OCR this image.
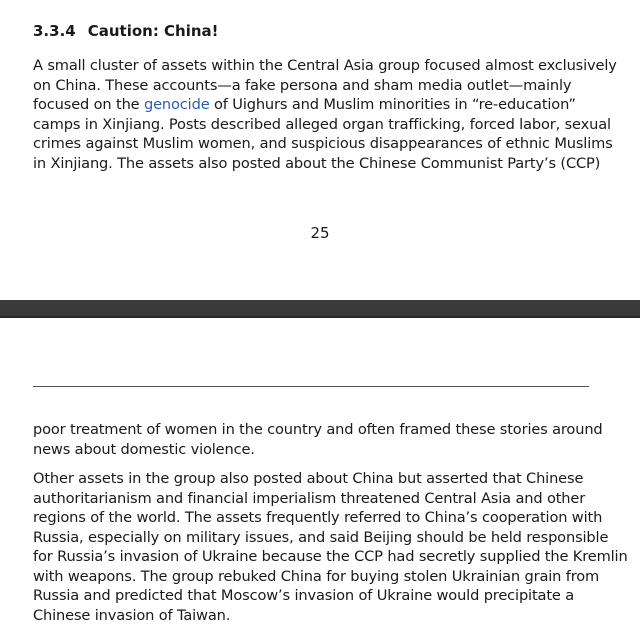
3.3.4 Caution: China!

A small cluster of assets within the Central Asia group focused almost exclusively
on China. These accounts—a fake persona and sham media outlet—mainly
focused on the genocide of Uighurs and Muslim minorities in “re-education”
camps in Xinjiang. Posts described alleged organ trafficking, forced labor, sexual
crimes against Muslim women, and suspicious disappearances of ethnic Muslims
in Xinjiang. The assets also posted about the Chinese Communist Party’s (CCP)

25

poor treatment of women in the country and often framed these stories around
news about domestic violence.

Other assets in the group also posted about China but asserted that Chinese
authoritarianism and financial imperialism threatened Central Asia and other
regions of the world. The assets frequently referred to China’s cooperation with
Russia, especially on military issues, and said Beijing should be held responsible
for Russia’s invasion of Ukraine because the CCP had secretly supplied the Kremlin
with weapons. The group rebuked China for buying stolen Ukrainian grain from
Russia and predicted that Moscow’s invasion of Ukraine would precipitate a
Chinese invasion of Taiwan.
